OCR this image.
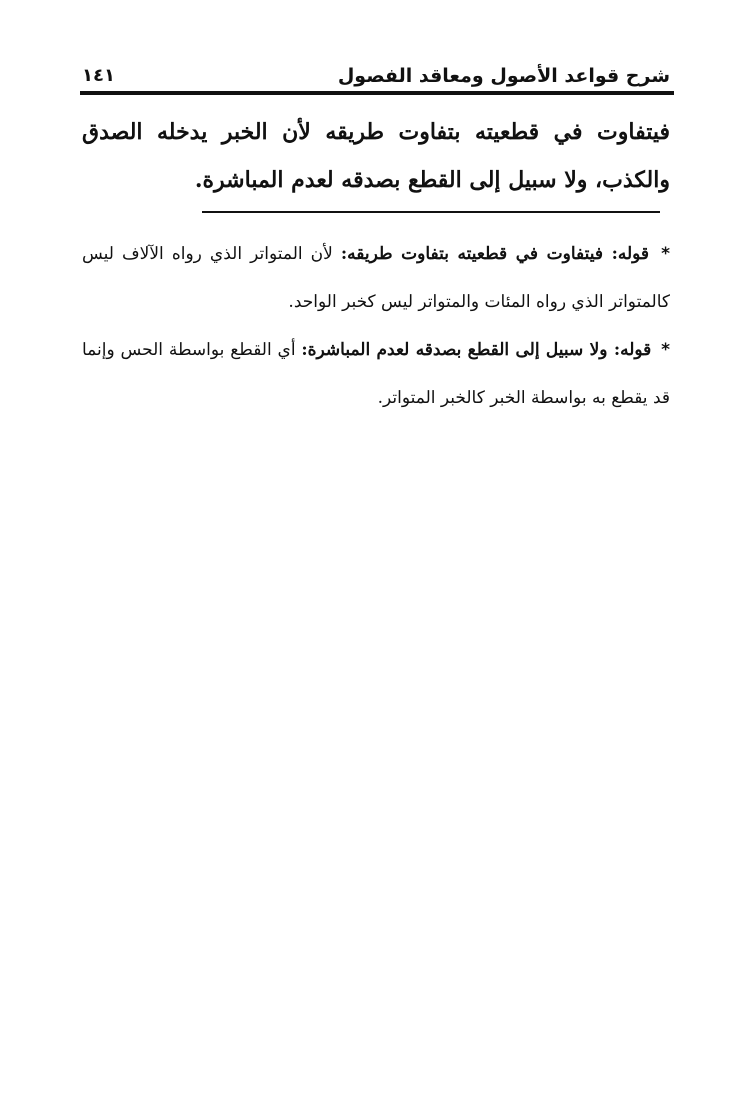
شرح قواعد الأصول ومعاقد الفصول
١٤١

فيتفاوت في قطعيته بتفاوت طريقه لأن الخبر يدخله الصدق والكذب، ولا سبيل إلى القطع بصدقه لعدم المباشرة.

* قوله: فيتفاوت في قطعيته بتفاوت طريقه: لأن المتواتر الذي رواه الآلاف ليس كالمتواتر الذي رواه المئات والمتواتر ليس كخبر الواحد.

* قوله: ولا سبيل إلى القطع بصدقه لعدم المباشرة: أي القطع بواسطة الحس وإنما قد يقطع به بواسطة الخبر كالخبر المتواتر.
